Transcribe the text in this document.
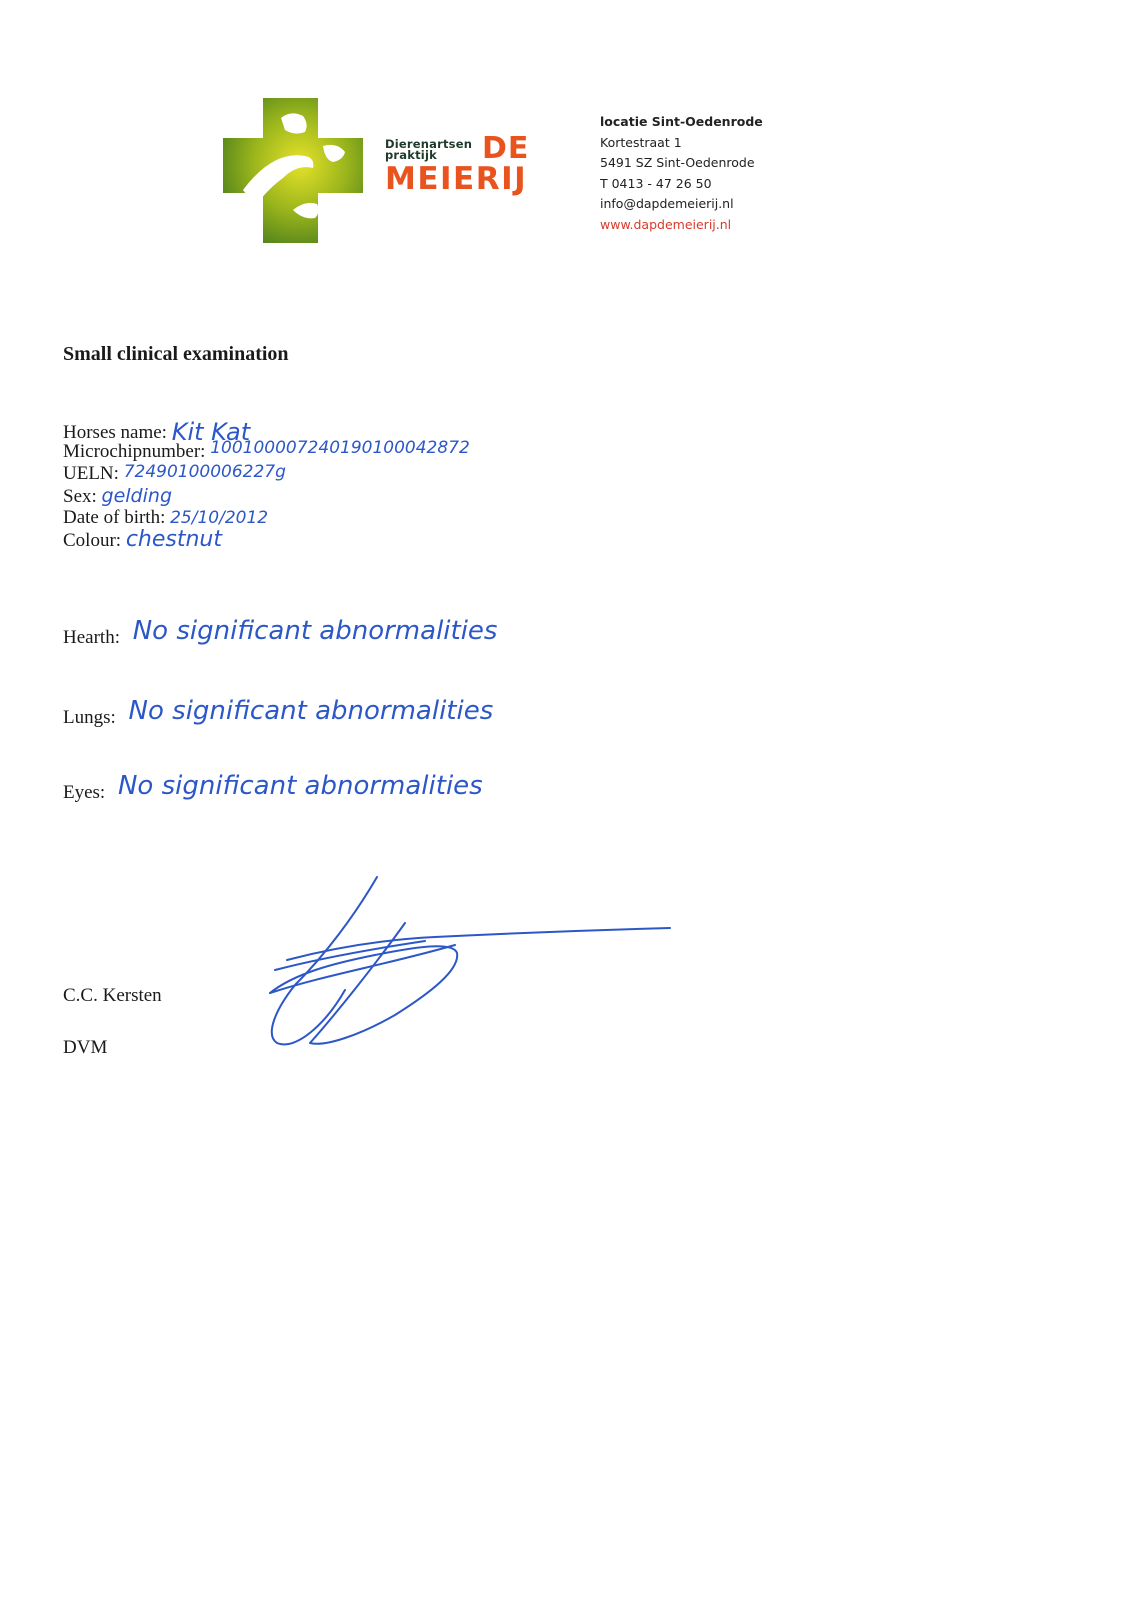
Dierenartsen
praktijk	DE
MEIERIJ
locatie Sint-Oedenrode
Kortestraat 1
5491 SZ Sint-Oedenrode
T 0413 - 47 26 50
info@dapdemeierij.nl
www.dapdemeierij.nl
Small clinical examination
Horses name: Kit Kat
Microchipnumber: 100100007240190100042872
UELN: 72490100006227g
Sex: gelding
Date of birth: 25/10/2012
Colour: chestnut
Hearth: No significant abnormalities
Lungs: No significant abnormalities
Eyes: No significant abnormalities
C.C. Kersten
DVM
